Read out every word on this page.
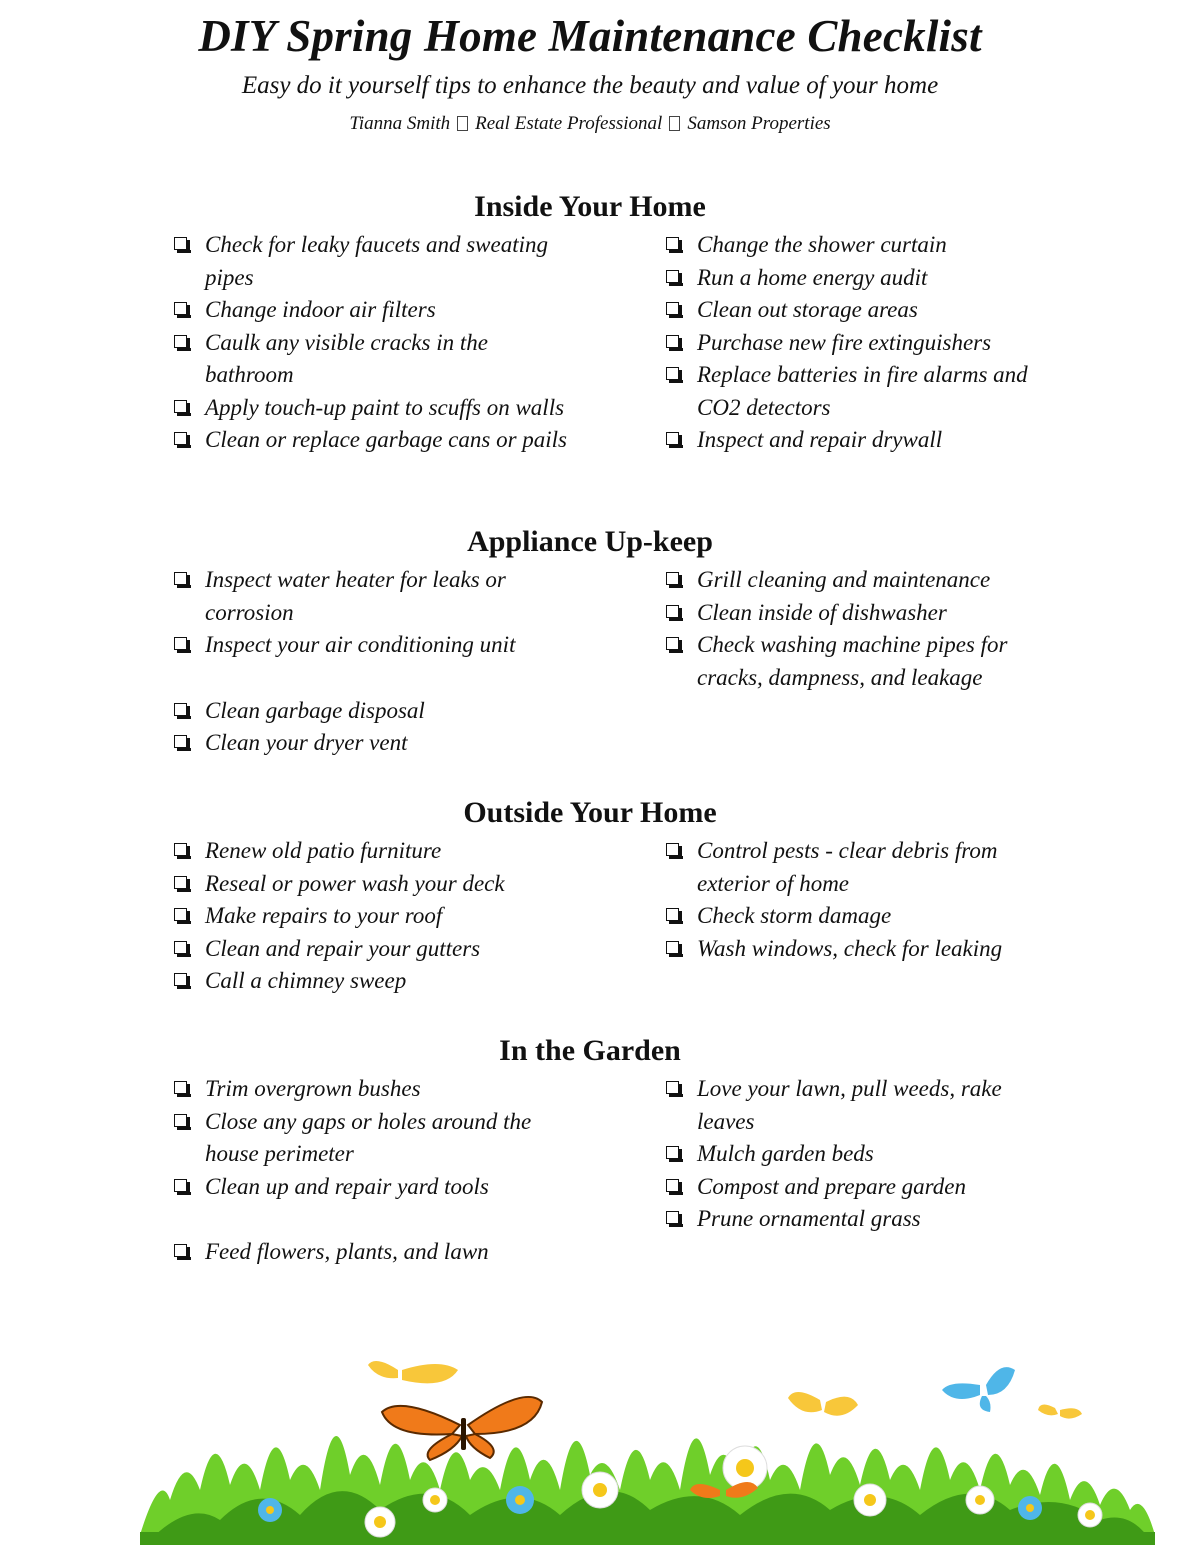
DIY Spring Home Maintenance Checklist
Easy do it yourself tips to enhance the beauty and value of your home
Tianna Smith Real Estate Professional Samson Properties
Inside Your Home
Check for leaky faucets and sweating pipes
Change indoor air filters
Caulk any visible cracks in the bathroom
Apply touch-up paint to scuffs on walls
Clean or replace garbage cans or pails
Change the shower curtain
Run a home energy audit
Clean out storage areas
Purchase new fire extinguishers
Replace batteries in fire alarms and CO2 detectors
Inspect and repair drywall
Appliance Up-keep
Inspect water heater for leaks or corrosion
Inspect your air conditioning unit
Clean garbage disposal
Clean your dryer vent
Grill cleaning and maintenance
Clean inside of dishwasher
Check washing machine pipes for cracks, dampness, and leakage
Outside Your Home
Renew old patio furniture
Reseal or power wash your deck
Make repairs to your roof
Clean and repair your gutters
Call a chimney sweep
Control pests - clear debris from exterior of home
Check storm damage
Wash windows, check for leaking
In the Garden
Trim overgrown bushes
Close any gaps or holes around the house perimeter
Clean up and repair yard tools
Feed flowers, plants, and lawn
Love your lawn, pull weeds, rake leaves
Mulch garden beds
Compost and prepare garden
Prune ornamental grass
